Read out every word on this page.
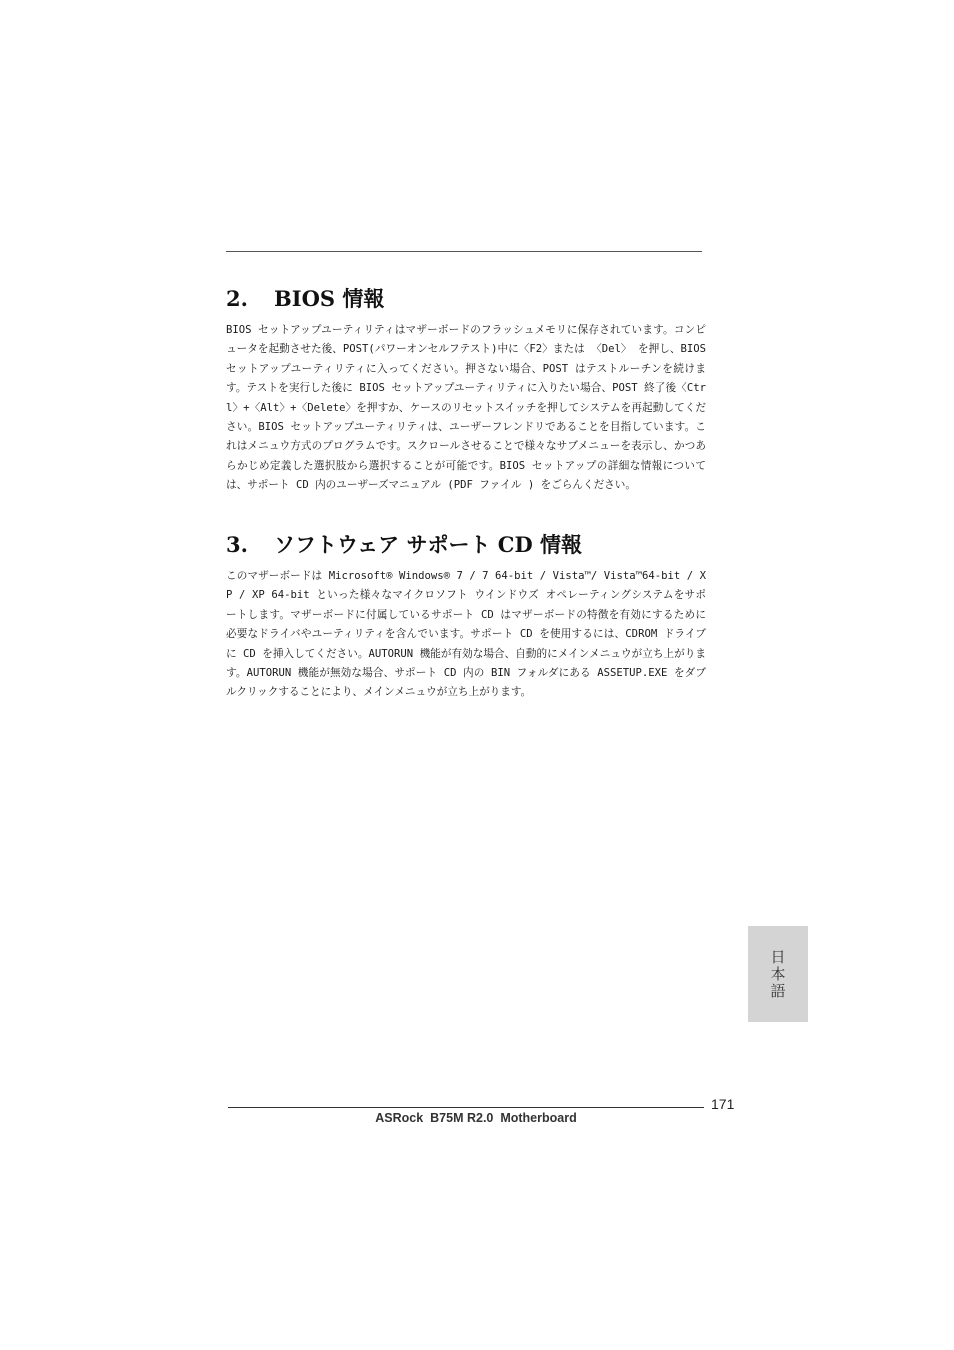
2.	BIOS 情報

BIOS セットアップユーティリティはマザーボードのフラッシュメモリに保存されています。コンピュータを起動させた後、POST(パワーオンセルフテスト)中に〈F2〉または 〈Del〉 を押し、BIOS セットアップユーティリティに入ってください。押さない場合、POST はテストルーチンを続けます。テストを実行した後に BIOS セットアップユーティリティに入りたい場合、POST 終了後〈Ctrl〉+〈Alt〉+〈Delete〉を押すか、ケースのリセットスイッチを押してシステムを再起動してください。BIOS セットアップユーティリティは、ユーザーフレンドリであることを目指しています。これはメニュウ方式のプログラムです。スクロールさせることで様々なサブメニューを表示し、かつあらかじめ定義した選択肢から選択することが可能です。BIOS セットアップの詳細な情報については、サポート CD 内のユーザーズマニュアル (PDF ファイル ) をごらんください。

3.	ソフトウェア サポート CD 情報

このマザーボードは Microsoft® Windows® 7 / 7 64-bit / Vista™/ Vista™64-bit / XP / XP 64-bit といった様々なマイクロソフト ウインドウズ オペレーティングシステムをサポートします。マザーボードに付属しているサポート CD はマザーボードの特徴を有効にするために必要なドライバやユーティリティを含んでいます。サポート CD を使用するには、CDROM ドライブに CD を挿入してください。AUTORUN 機能が有効な場合、自動的にメインメニュウが立ち上がります。AUTORUN 機能が無効な場合、サポート CD 内の BIN フォルダにある ASSETUP.EXE をダブルクリックすることにより、メインメニュウが立ち上がります。

日本語
171
ASRock  B75M R2.0  Motherboard
